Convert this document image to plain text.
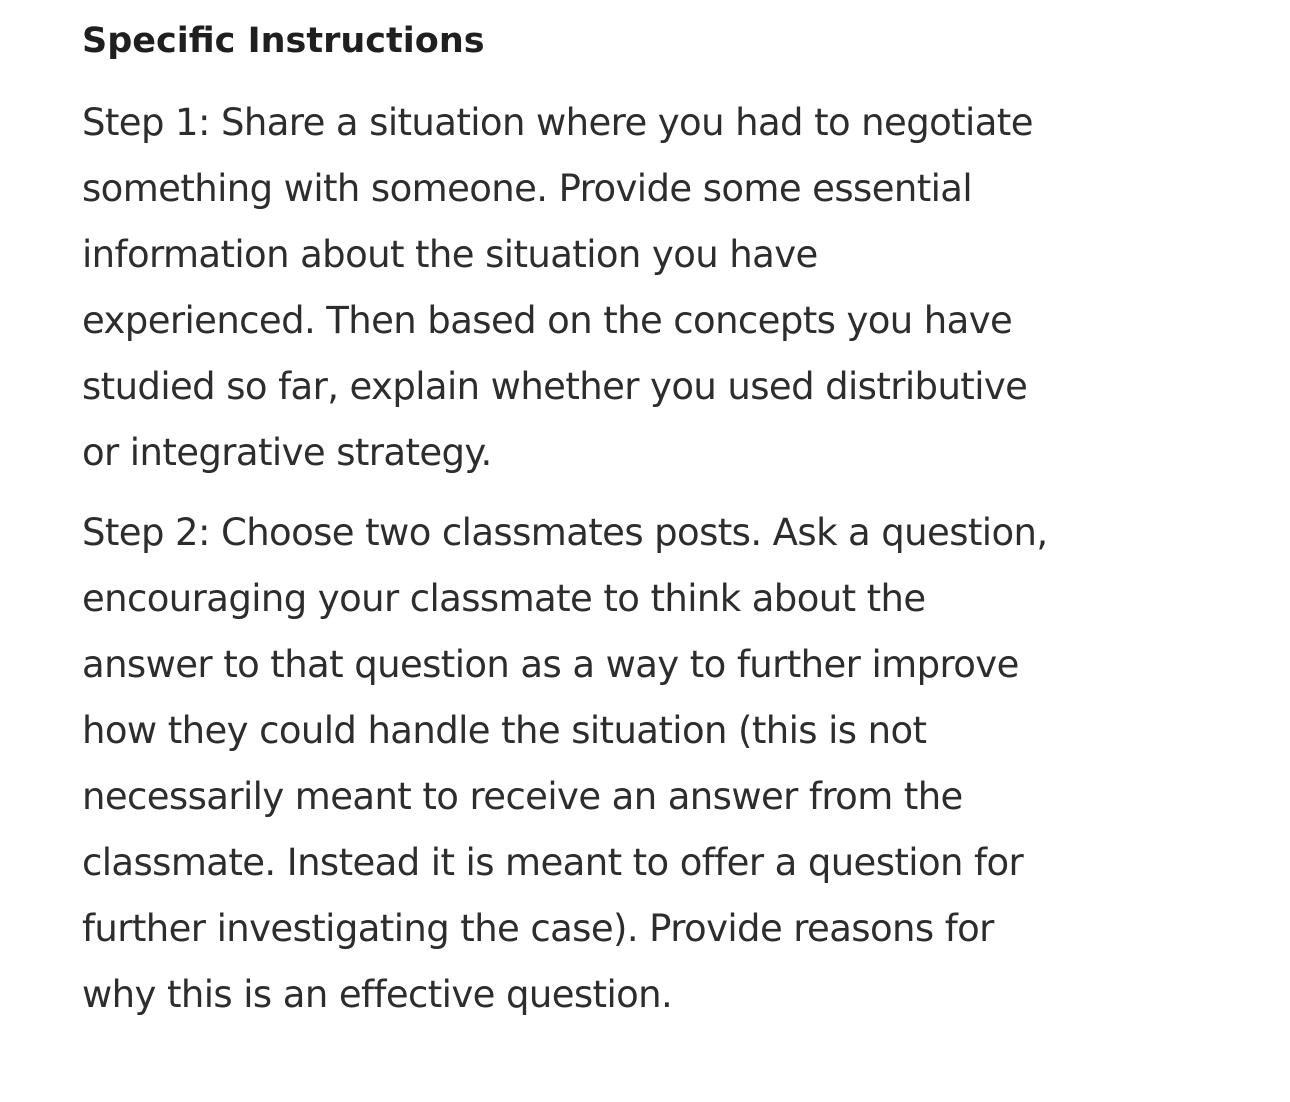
Specific Instructions

Step 1: Share a situation where you had to negotiate
something with someone. Provide some essential
information about the situation you have
experienced. Then based on the concepts you have
studied so far, explain whether you used distributive
or integrative strategy.

Step 2: Choose two classmates posts. Ask a question,
encouraging your classmate to think about the
answer to that question as a way to further improve
how they could handle the situation (this is not
necessarily meant to receive an answer from the
classmate. Instead it is meant to offer a question for
further investigating the case). Provide reasons for
why this is an effective question.
